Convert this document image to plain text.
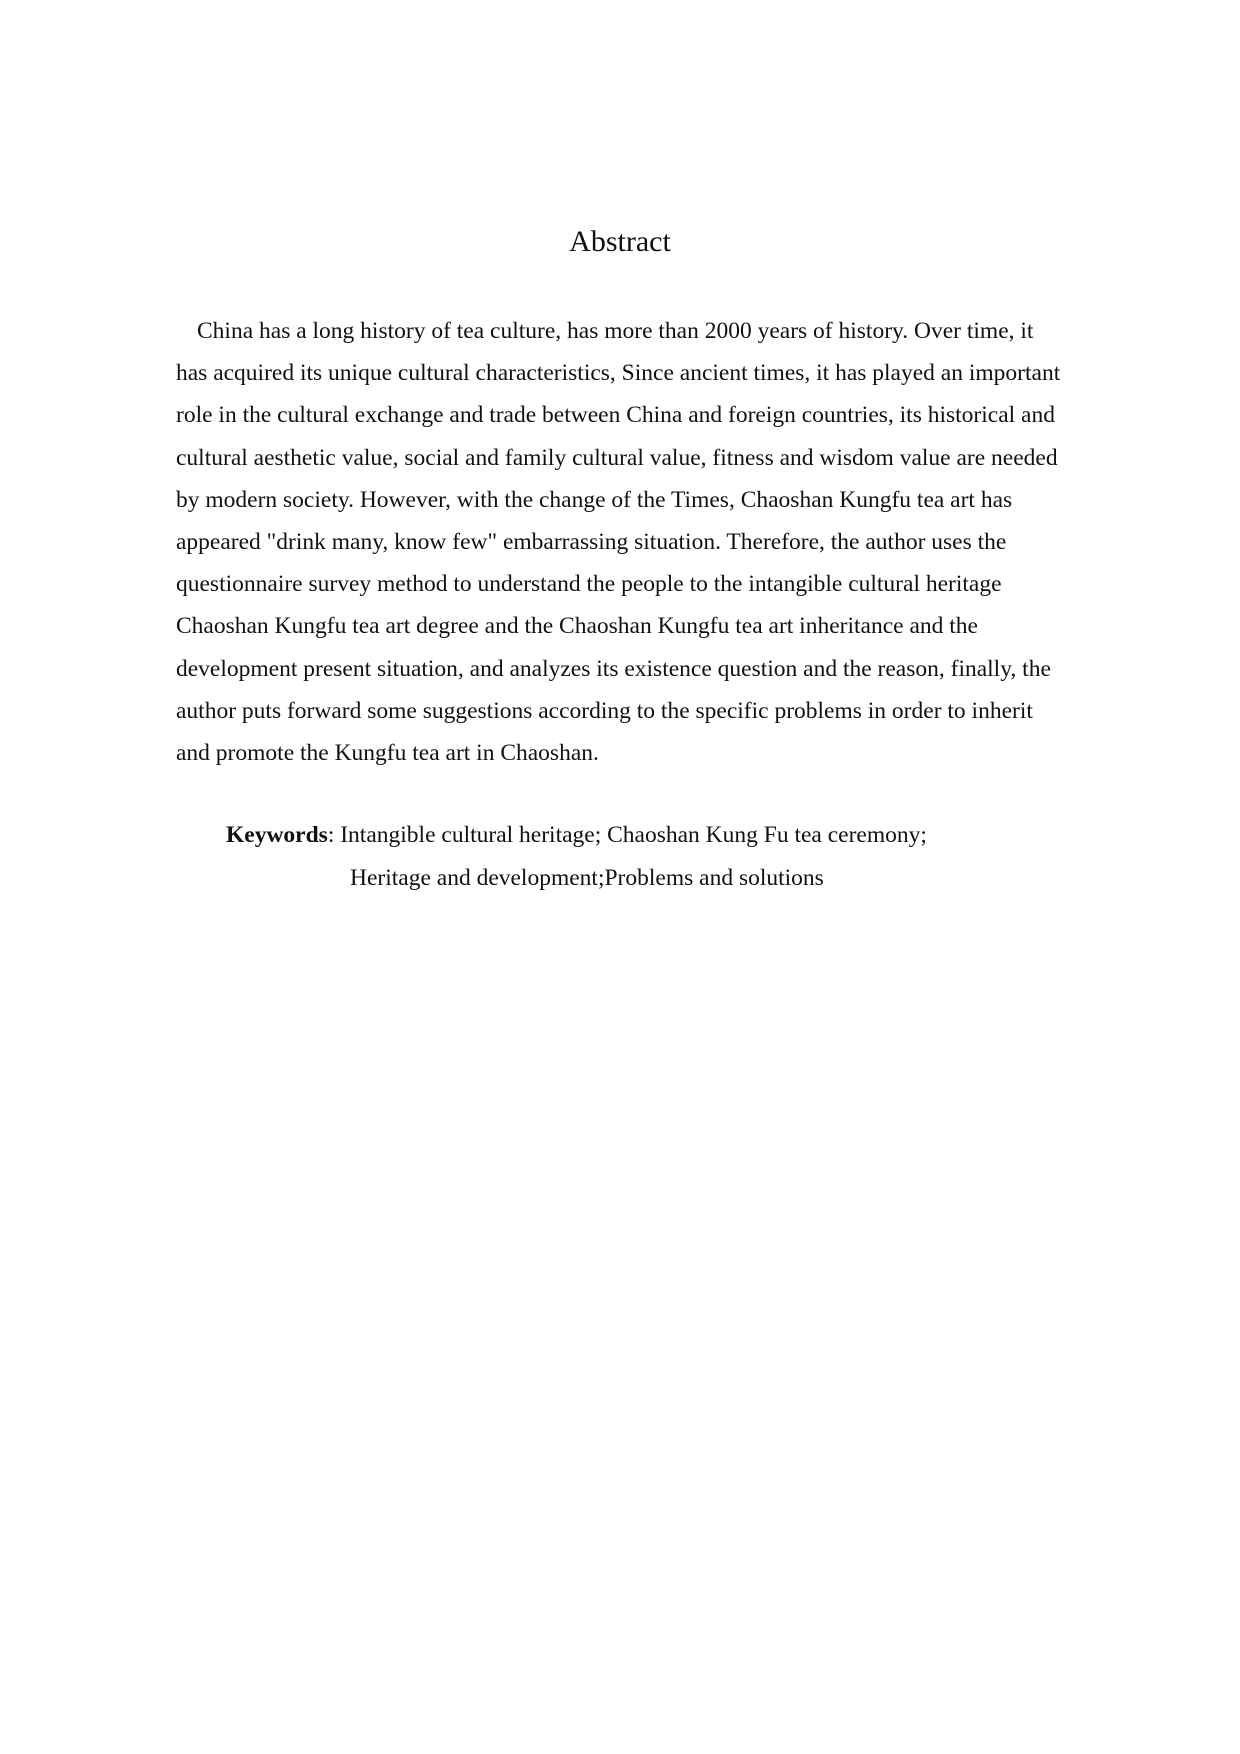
Abstract
China has a long history of tea culture, has more than 2000 years of history. Over time, it
has acquired its unique cultural characteristics, Since ancient times, it has played an important
role in the cultural exchange and trade between China and foreign countries, its historical and
cultural aesthetic value, social and family cultural value, fitness and wisdom value are needed
by modern society. However, with the change of the Times, Chaoshan Kungfu tea art has
appeared "drink many, know few" embarrassing situation. Therefore, the author uses the
questionnaire survey method to understand the people to the intangible cultural heritage
Chaoshan Kungfu tea art degree and the Chaoshan Kungfu tea art inheritance and the
development present situation, and analyzes its existence question and the reason, finally, the
author puts forward some suggestions according to the specific problems in order to inherit
and promote the Kungfu tea art in Chaoshan.
Keywords: Intangible cultural heritage; Chaoshan Kung Fu tea ceremony;
Heritage and development;Problems and solutions
